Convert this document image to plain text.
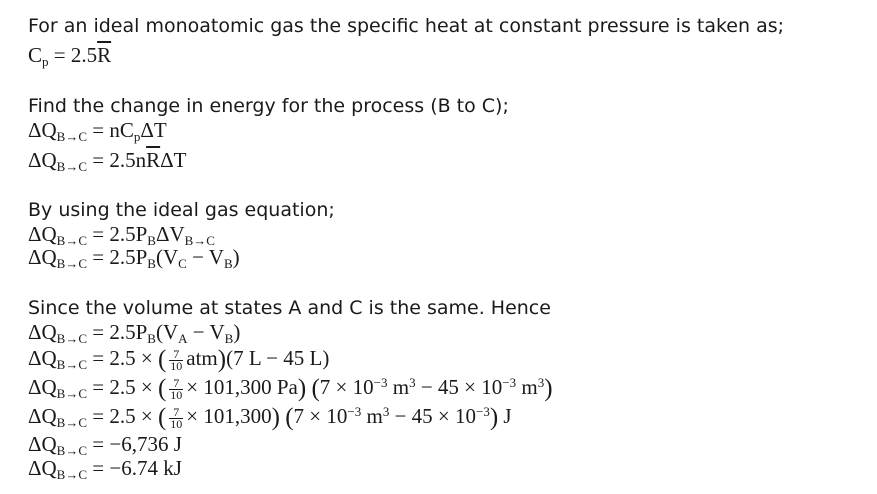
For an ideal monoatomic gas the specific heat at constant pressure is taken as;
$C_p = 2.5\overline{R}$
Find the change in energy for the process (B to C);
$\Delta Q_{B\to C} = nC_p\Delta T$
$\Delta Q_{B\to C} = 2.5n\overline{R}\Delta T$
By using the ideal gas equation;
$\Delta Q_{B\to C} = 2.5P_B\Delta V_{B\to C}$
$\Delta Q_{B\to C} = 2.5P_B(V_C - V_B)$
Since the volume at states A and C is the same. Hence
$\Delta Q_{B\to C} = 2.5P_B(V_A - V_B)$
$\Delta Q_{B\to C} = 2.5$ × ( $\frac{7}{10} atm)(7$ L − 45 L)
$\Delta Q_{B\to C} = 2.5$ × ( $\frac{7}{10} \times 101,300$ Pa) ($7 \times 10^{-3}$ $m^3 - 45 \times 10^{-3}$ $m^3$)
$\Delta Q_{B\to C} = 2.5$ × ( $\frac{7}{10} \times 101,300$) ($7 \times 10^{-3}$ $m^3 - 45 \times 10^{-3}$) J
$\Delta Q_{B\to C} = -6,736$ J
$\Delta Q_{B\to C} = -6.74$ kJ
